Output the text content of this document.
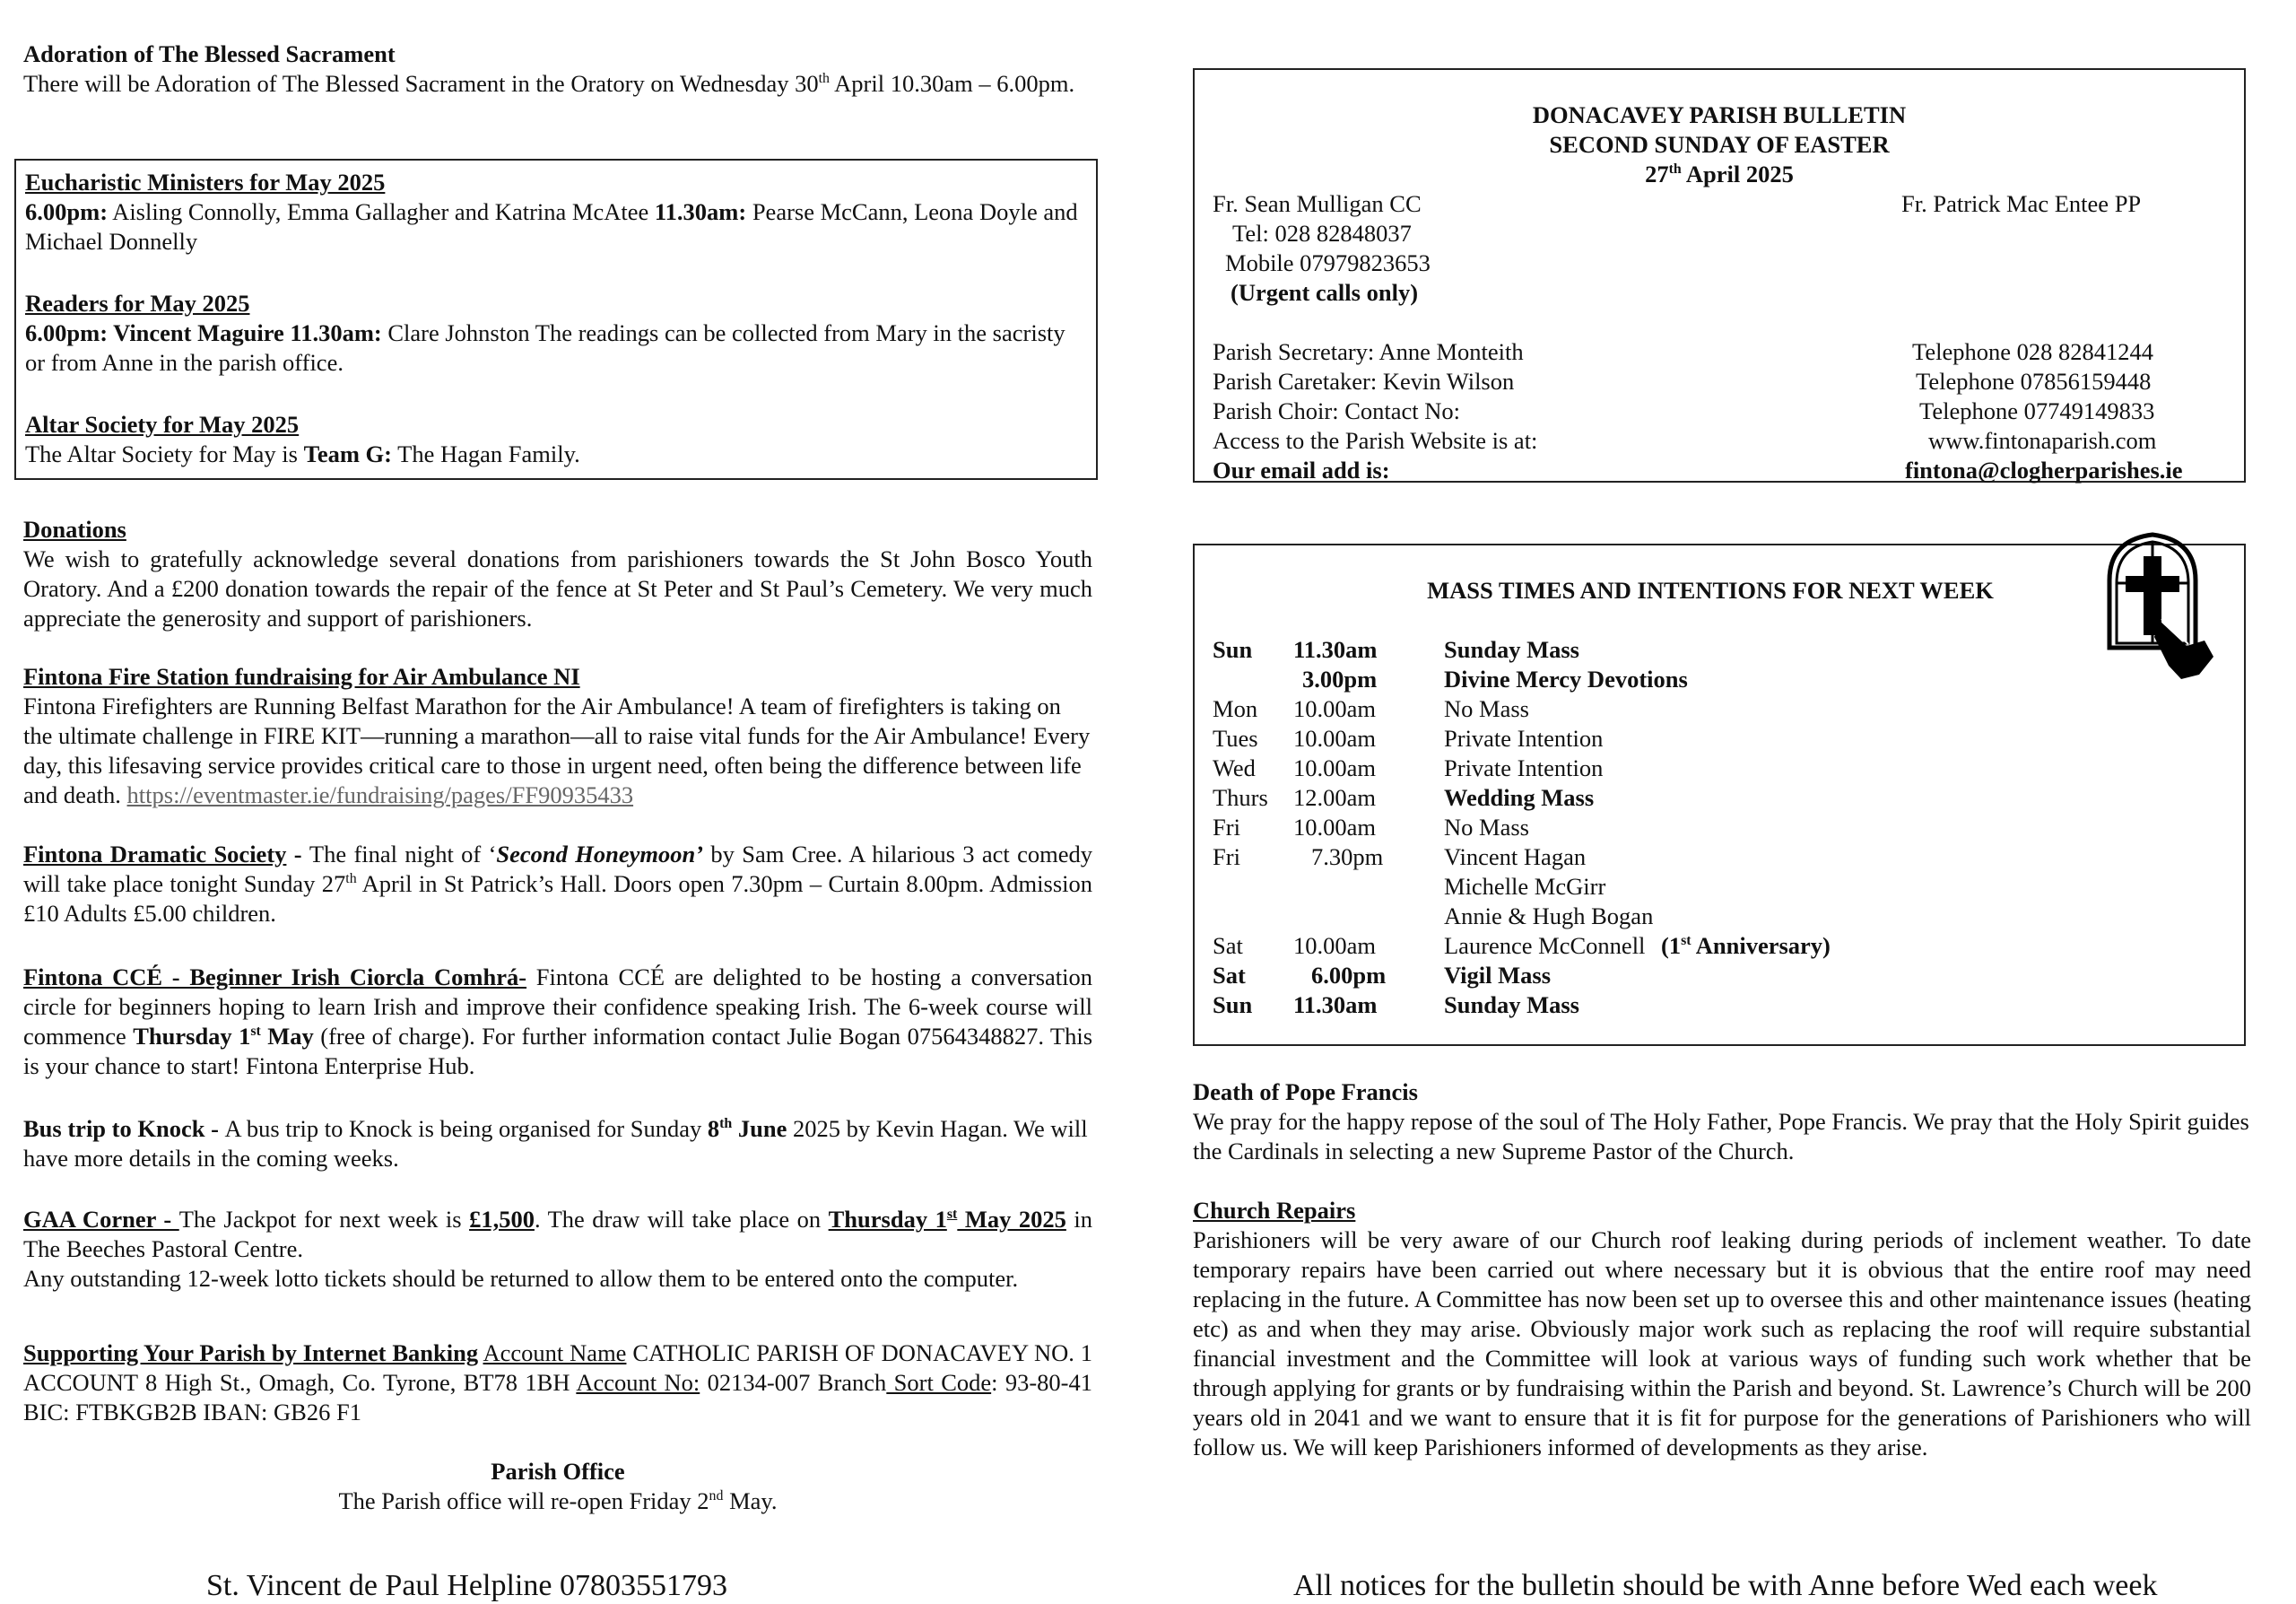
Adoration of The Blessed Sacrament

There will be Adoration of The Blessed Sacrament in the Oratory on Wednesday 30th April 10.30am – 6.00pm.

Eucharistic Ministers for May 2025

6.00pm: Aisling Connolly, Emma Gallagher and Katrina McAtee 11.30am: Pearse McCann, Leona Doyle and Michael Donnelly

Readers for May 2025

6.00pm: Vincent Maguire 11.30am: Clare Johnston The readings can be collected from Mary in the sacristy or from Anne in the parish office.

Altar Society for May 2025

The Altar Society for May is Team G: The Hagan Family.

Donations

We wish to gratefully acknowledge several donations from parishioners towards the St John Bosco Youth Oratory. And a £200 donation towards the repair of the fence at St Peter and St Paul’s Cemetery. We very much appreciate the generosity and support of parishioners.

Fintona Fire Station fundraising for Air Ambulance NI

Fintona Firefighters are Running Belfast Marathon for the Air Ambulance! A team of firefighters is taking on the ultimate challenge in FIRE KIT—running a marathon—all to raise vital funds for the Air Ambulance! Every day, this lifesaving service provides critical care to those in urgent need, often being the difference between life and death. https://eventmaster.ie/fundraising/pages/FF90935433

Fintona Dramatic Society - The final night of ‘Second Honeymoon’ by Sam Cree. A hilarious 3 act comedy will take place tonight Sunday 27th April in St Patrick’s Hall. Doors open 7.30pm – Curtain 8.00pm. Admission £10 Adults £5.00 children.

Fintona CCÉ - Beginner Irish Ciorcla Comhrá- Fintona CCÉ are delighted to be hosting a conversation circle for beginners hoping to learn Irish and improve their confidence speaking Irish. The 6-week course will commence Thursday 1st May (free of charge). For further information contact Julie Bogan 07564348827. This is your chance to start! Fintona Enterprise Hub.

Bus trip to Knock - A bus trip to Knock is being organised for Sunday 8th June 2025 by Kevin Hagan. We will have more details in the coming weeks.

GAA Corner - The Jackpot for next week is £1,500. The draw will take place on Thursday 1st May 2025 in The Beeches Pastoral Centre.

Any outstanding 12-week lotto tickets should be returned to allow them to be entered onto the computer.

Supporting Your Parish by Internet Banking Account Name CATHOLIC PARISH OF DONACAVEY NO. 1 ACCOUNT 8 High St., Omagh, Co. Tyrone, BT78 1BH Account No: 02134-007 Branch Sort Code: 93-80-41 BIC: FTBKGB2B IBAN: GB26 F1

Parish Office

The Parish office will re-open Friday 2nd May.

St. Vincent de Paul Helpline 07803551793
DONACAVEY PARISH BULLETIN
SECOND SUNDAY OF EASTER
27th April 2025
Fr. Sean Mulligan CC
Tel: 028 82848037
Mobile 07979823653
(Urgent calls only)
Fr. Patrick Mac Entee PP
Parish Secretary: Anne Monteith	Telephone 028 82841244
Parish Caretaker: Kevin Wilson	Telephone 07856159448
Parish Choir: Contact No:	Telephone 07749149833
Access to the Parish Website is at:	www.fintonaparish.com
Our email add is:	fintona@clogherparishes.ie
MASS TIMES AND INTENTIONS FOR NEXT WEEK
Sun 11.30am	Sunday Mass
3.00pm	Divine Mercy Devotions
Mon 10.00am	No Mass
Tues 10.00am	Private Intention
Wed 10.00am	Private Intention
Thurs 12.00am	Wedding Mass
Fri 10.00am	No Mass
Fri	7.30pm	Vincent Hagan
Michelle McGirr
Annie & Hugh Bogan
Sat 10.00am	Laurence McConnell (1st Anniversary)
Sat	6.00pm Vigil Mass
Sun 11.30am	Sunday Mass

Death of Pope Francis

We pray for the happy repose of the soul of The Holy Father, Pope Francis. We pray that the Holy Spirit guides the Cardinals in selecting a new Supreme Pastor of the Church.

Church Repairs

Parishioners will be very aware of our Church roof leaking during periods of inclement weather. To date temporary repairs have been carried out where necessary but it is obvious that the entire roof may need replacing in the future. A Committee has now been set up to oversee this and other maintenance issues (heating etc) as and when they may arise. Obviously major work such as replacing the roof will require substantial financial investment and the Committee will look at various ways of funding such work whether that be through applying for grants or by fundraising within the Parish and beyond. St. Lawrence’s Church will be 200 years old in 2041 and we want to ensure that it is fit for purpose for the generations of Parishioners who will follow us. We will keep Parishioners informed of developments as they arise.

All notices for the bulletin should be with Anne before Wed each week
